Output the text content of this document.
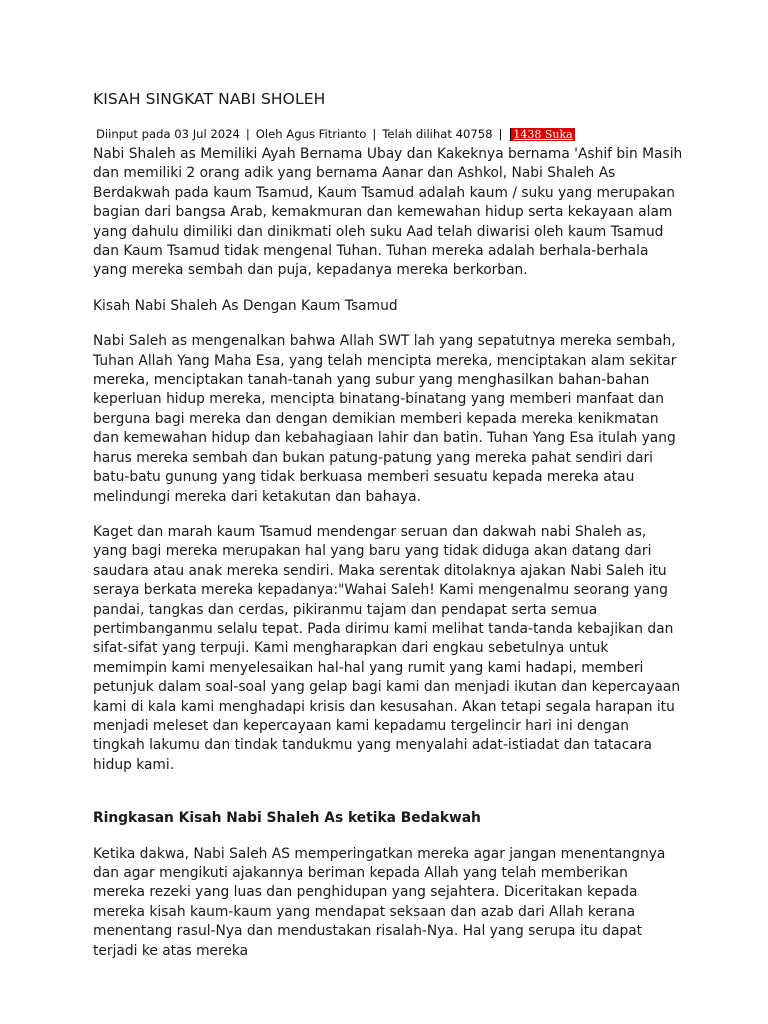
KISAH SINGKAT NABI SHOLEH
Diinput pada 03 Jul 2024 | Oleh Agus Fitrianto | Telah dilihat 40758 | 1438 Suka

Nabi Shaleh as Memiliki Ayah Bernama Ubay dan Kakeknya bernama 'Ashif bin Masih dan memiliki 2 orang adik yang bernama Aanar dan Ashkol, Nabi Shaleh As Berdakwah pada kaum Tsamud, Kaum Tsamud adalah kaum / suku yang merupakan bagian dari bangsa Arab, kemakmuran dan kemewahan hidup serta kekayaan alam yang dahulu dimiliki dan dinikmati oleh suku Aad telah diwarisi oleh kaum Tsamud dan Kaum Tsamud tidak mengenal Tuhan. Tuhan mereka adalah berhala-berhala yang mereka sembah dan puja, kepadanya mereka berkorban.

Kisah Nabi Shaleh As Dengan Kaum Tsamud

Nabi Saleh as mengenalkan bahwa Allah SWT lah yang sepatutnya mereka sembah, Tuhan Allah Yang Maha Esa, yang telah mencipta mereka, menciptakan alam sekitar mereka, menciptakan tanah-tanah yang subur yang menghasilkan bahan-bahan keperluan hidup mereka, mencipta binatang-binatang yang memberi manfaat dan berguna bagi mereka dan dengan demikian memberi kepada mereka kenikmatan dan kemewahan hidup dan kebahagiaan lahir dan batin. Tuhan Yang Esa itulah yang harus mereka sembah dan bukan patung-patung yang mereka pahat sendiri dari batu-batu gunung yang tidak berkuasa memberi sesuatu kepada mereka atau melindungi mereka dari ketakutan dan bahaya.

Kaget dan marah kaum Tsamud mendengar seruan dan dakwah nabi Shaleh as, yang bagi mereka merupakan hal yang baru yang tidak diduga akan datang dari saudara atau anak mereka sendiri. Maka serentak ditolaknya ajakan Nabi Saleh itu seraya berkata mereka kepadanya:"Wahai Saleh! Kami mengenalmu seorang yang pandai, tangkas dan cerdas, pikiranmu tajam dan pendapat serta semua pertimbanganmu selalu tepat. Pada dirimu kami melihat tanda-tanda kebajikan dan sifat-sifat yang terpuji. Kami mengharapkan dari engkau sebetulnya untuk memimpin kami menyelesaikan hal-hal yang rumit yang kami hadapi, memberi petunjuk dalam soal-soal yang gelap bagi kami dan menjadi ikutan dan kepercayaan kami di kala kami menghadapi krisis dan kesusahan. Akan tetapi segala harapan itu menjadi meleset dan kepercayaan kami kepadamu tergelincir hari ini dengan tingkah lakumu dan tindak tandukmu yang menyalahi adat-istiadat dan tatacara hidup kami.

Ringkasan Kisah Nabi Shaleh As ketika Bedakwah

Ketika dakwa, Nabi Saleh AS memperingatkan mereka agar jangan menentangnya dan agar mengikuti ajakannya beriman kepada Allah yang telah memberikan mereka rezeki yang luas dan penghidupan yang sejahtera. Diceritakan kepada mereka kisah kaum-kaum yang mendapat seksaan dan azab dari Allah kerana menentang rasul-Nya dan mendustakan risalah-Nya. Hal yang serupa itu dapat terjadi ke atas mereka
